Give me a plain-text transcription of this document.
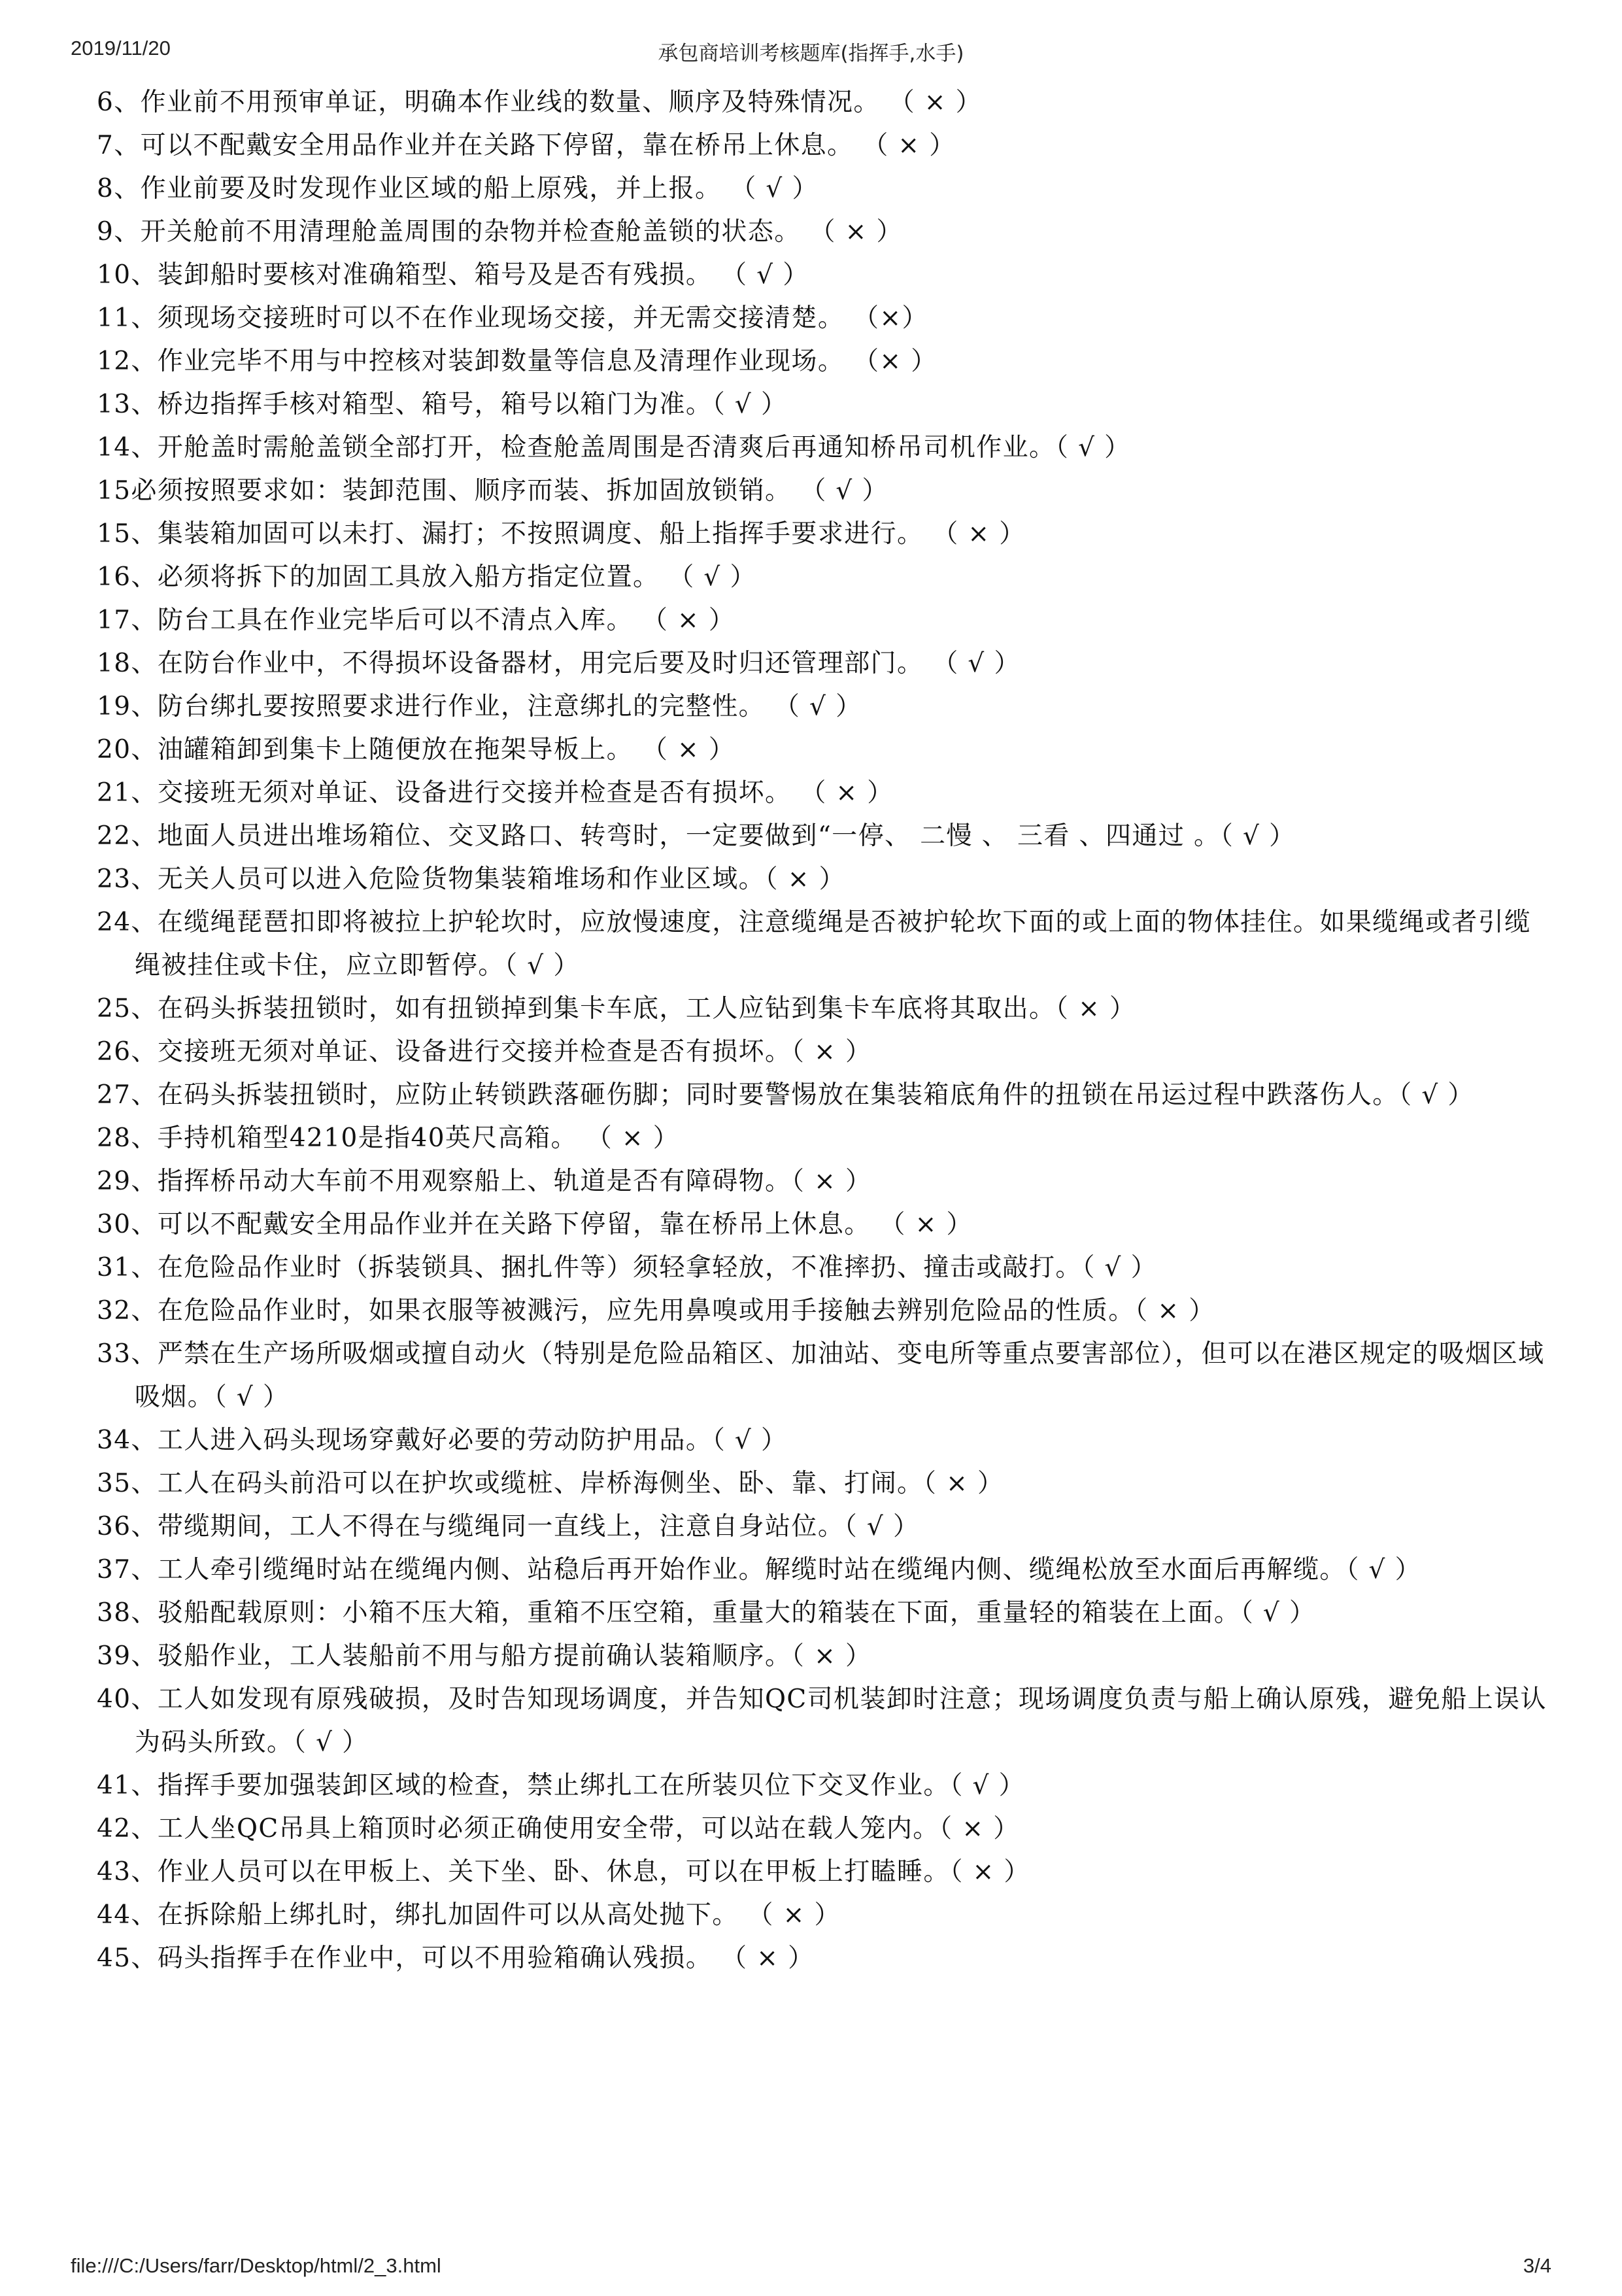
2019/11/20	承包商培训考核题库(指挥手,水手)
6、作业前不用预审单证，明确本作业线的数量、顺序及特殊情况。 （ × ）
7、可以不配戴安全用品作业并在关路下停留，靠在桥吊上休息。 （ × ）
8、作业前要及时发现作业区域的船上原残，并上报。 （ √ ）
9、开关舱前不用清理舱盖周围的杂物并检查舱盖锁的状态。 （ × ）
10、装卸船时要核对准确箱型、箱号及是否有残损。 （ √ ）
11、须现场交接班时可以不在作业现场交接，并无需交接清楚。 （×）
12、作业完毕不用与中控核对装卸数量等信息及清理作业现场。 （× ）
13、桥边指挥手核对箱型、箱号，箱号以箱门为准。（ √ ）
14、开舱盖时需舱盖锁全部打开，检查舱盖周围是否清爽后再通知桥吊司机作业。（ √ ）
15必须按照要求如：装卸范围、顺序而装、拆加固放锁销。 （ √ ）
15、集装箱加固可以未打、漏打；不按照调度、船上指挥手要求进行。 （ × ）
16、必须将拆下的加固工具放入船方指定位置。 （ √ ）
17、防台工具在作业完毕后可以不清点入库。 （ × ）
18、在防台作业中，不得损坏设备器材，用完后要及时归还管理部门。 （ √ ）
19、防台绑扎要按照要求进行作业，注意绑扎的完整性。 （ √ ）
20、油罐箱卸到集卡上随便放在拖架导板上。 （ × ）
21、交接班无须对单证、设备进行交接并检查是否有损坏。 （ × ）
22、地面人员进出堆场箱位、交叉路口、转弯时，一定要做到“一停、 二慢 、 三看 、四通过 。（ √ ）
23、无关人员可以进入危险货物集装箱堆场和作业区域。（ × ）
24、在缆绳琵琶扣即将被拉上护轮坎时，应放慢速度，注意缆绳是否被护轮坎下面的或上面的物体挂住。如果缆绳或者引缆绳被挂住或卡住，应立即暂停。（ √ ）
25、在码头拆装扭锁时，如有扭锁掉到集卡车底，工人应钻到集卡车底将其取出。（ × ）
26、交接班无须对单证、设备进行交接并检查是否有损坏。（ × ）
27、在码头拆装扭锁时，应防止转锁跌落砸伤脚；同时要警惕放在集装箱底角件的扭锁在吊运过程中跌落伤人。（ √ ）
28、手持机箱型4210是指40英尺高箱。 （ × ）
29、指挥桥吊动大车前不用观察船上、轨道是否有障碍物。（ × ）
30、可以不配戴安全用品作业并在关路下停留，靠在桥吊上休息。 （ × ）
31、在危险品作业时（拆装锁具、捆扎件等）须轻拿轻放，不准摔扔、撞击或敲打。（ √ ）
32、在危险品作业时，如果衣服等被溅污，应先用鼻嗅或用手接触去辨别危险品的性质。（ × ）
33、严禁在生产场所吸烟或擅自动火（特别是危险品箱区、加油站、变电所等重点要害部位），但可以在港区规定的吸烟区域吸烟。（ √ ）
34、工人进入码头现场穿戴好必要的劳动防护用品。（ √ ）
35、工人在码头前沿可以在护坎或缆桩、岸桥海侧坐、卧、靠、打闹。（ × ）
36、带缆期间，工人不得在与缆绳同一直线上，注意自身站位。（ √ ）
37、工人牵引缆绳时站在缆绳内侧、站稳后再开始作业。解缆时站在缆绳内侧、缆绳松放至水面后再解缆。（ √ ）
38、驳船配载原则：小箱不压大箱，重箱不压空箱，重量大的箱装在下面，重量轻的箱装在上面。（ √ ）
39、驳船作业，工人装船前不用与船方提前确认装箱顺序。（ × ）
40、工人如发现有原残破损，及时告知现场调度，并告知QC司机装卸时注意；现场调度负责与船上确认原残，避免船上误认为码头所致。（ √ ）
41、指挥手要加强装卸区域的检查，禁止绑扎工在所装贝位下交叉作业。（ √ ）
42、工人坐QC吊具上箱顶时必须正确使用安全带，可以站在载人笼内。（ × ）
43、作业人员可以在甲板上、关下坐、卧、休息，可以在甲板上打瞌睡。（ × ）
44、在拆除船上绑扎时，绑扎加固件可以从高处抛下。 （ × ）
45、码头指挥手在作业中，可以不用验箱确认残损。 （ × ）
file:///C:/Users/farr/Desktop/html/2_3.html	3/4
